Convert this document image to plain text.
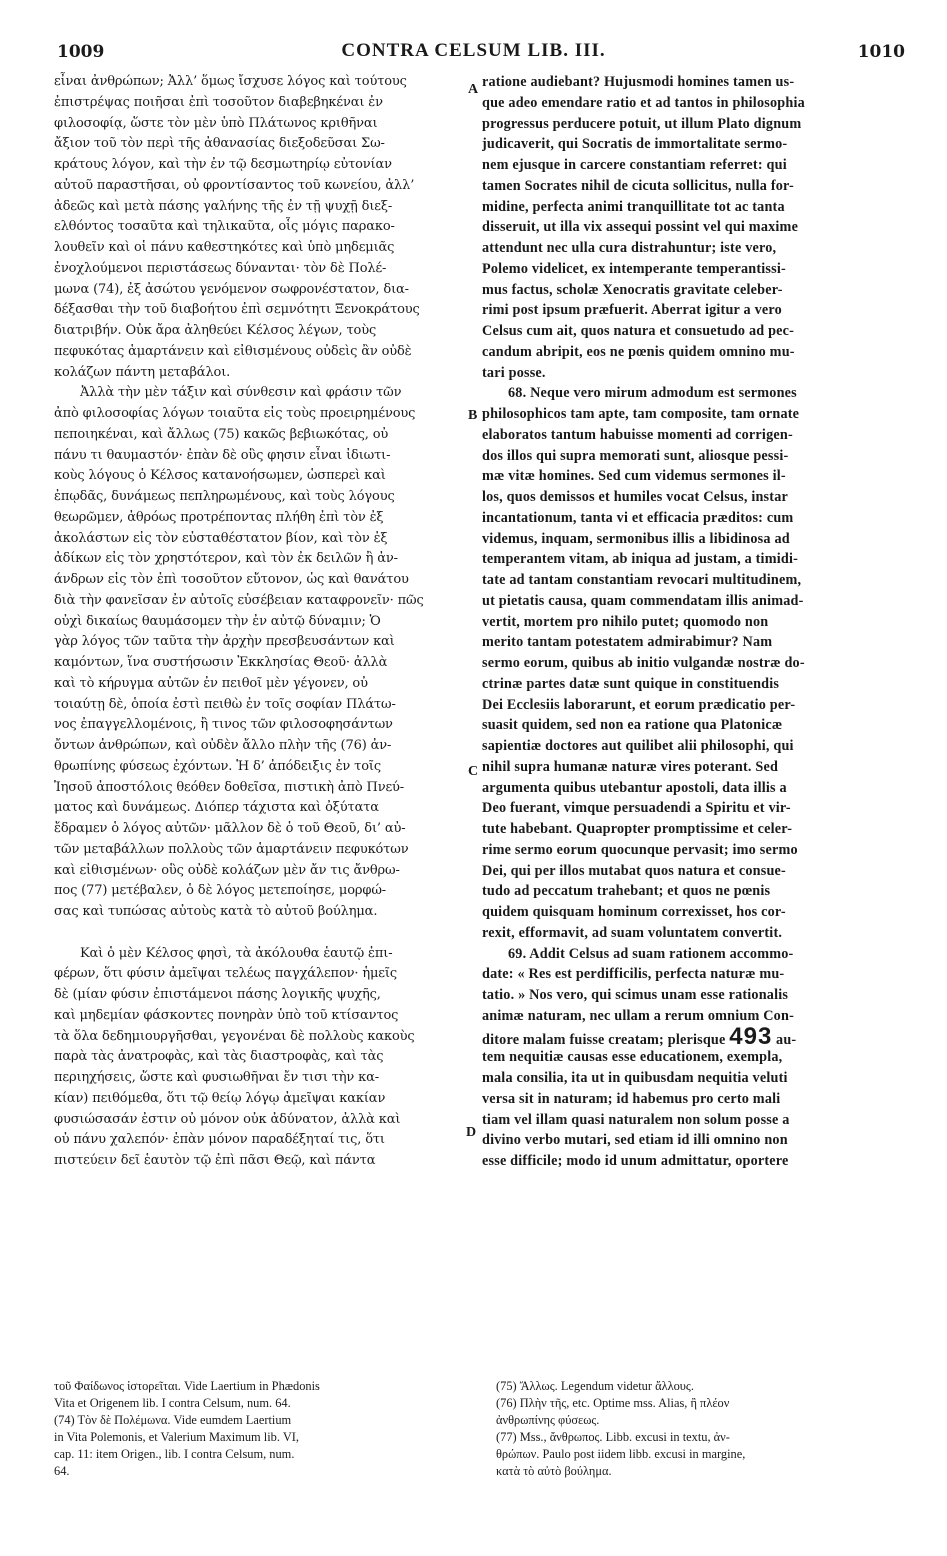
1009	CONTRA CELSUM LIB. III.	1010
εἶναι ἀνθρώπων; Ἀλλ’ ὅμως ἴσχυσε λόγος καὶ τούτους
ἐπιστρέψας ποιῆσαι ἐπὶ τοσοῦτον διαβεβηκέναι ἐν
φιλοσοφίᾳ, ὥστε τὸν μὲν ὑπὸ Πλάτωνος κριθῆναι
ἄξιον τοῦ τὸν περὶ τῆς ἀθανασίας διεξοδεῦσαι Σω-
κράτους λόγον, καὶ τὴν ἐν τῷ δεσμωτηρίῳ εὐτονίαν
αὐτοῦ παραστῆσαι, οὐ φροντίσαντος τοῦ κωνείου, ἀλλ’
ἀδεῶς καὶ μετὰ πάσης γαλήνης τῆς ἐν τῇ ψυχῇ διεξ-
ελθόντος τοσαῦτα καὶ τηλικαῦτα, οἷς μόγις παρακο-
λουθεῖν καὶ οἱ πάνυ καθεστηκότες καὶ ὑπὸ μηδεμιᾶς
ἐνοχλούμενοι περιστάσεως δύνανται· τὸν δὲ Πολέ-
μωνα (74), ἐξ ἀσώτου γενόμενον σωφρονέστατον, δια-
δέξασθαι τὴν τοῦ διαβοήτου ἐπὶ σεμνότητι Ξενοκράτους
διατριβήν. Οὐκ ἄρα ἀληθεύει Κέλσος λέγων, τοὺς
πεφυκότας ἁμαρτάνειν καὶ εἰθισμένους οὐδεὶς ἂν οὐδὲ
κολάζων πάντη μεταβάλοι.
Ἀλλὰ τὴν μὲν τάξιν καὶ σύνθεσιν καὶ φράσιν τῶν
ἀπὸ φιλοσοφίας λόγων τοιαῦτα εἰς τοὺς προειρημένους
πεποιηκέναι, καὶ ἄλλως (75) κακῶς βεβιωκότας, οὐ
πάνυ τι θαυμαστόν· ἐπὰν δὲ οὓς φησιν εἶναι ἰδιωτι-
κοὺς λόγους ὁ Κέλσος κατανοήσωμεν, ὡσπερεὶ καὶ
ἐπῳδᾶς, δυνάμεως πεπληρωμένους, καὶ τοὺς λόγους
θεωρῶμεν, ἀθρόως προτρέποντας πλήθη ἐπὶ τὸν ἐξ
ἀκολάστων εἰς τὸν εὐσταθέστατον βίον, καὶ τὸν ἐξ
ἀδίκων εἰς τὸν χρηστότερον, καὶ τὸν ἐκ δειλῶν ἢ ἀν-
άνδρων εἰς τὸν ἐπὶ τοσοῦτον εὔτονον, ὡς καὶ θανάτου
διὰ τὴν φανεῖσαν ἐν αὐτοῖς εὐσέβειαν καταφρονεῖν· πῶς
οὐχὶ δικαίως θαυμάσομεν τὴν ἐν αὐτῷ δύναμιν; Ὁ
γὰρ λόγος τῶν ταῦτα τὴν ἀρχὴν πρεσβευσάντων καὶ
καμόντων, ἵνα συστήσωσιν Ἐκκλησίας Θεοῦ· ἀλλὰ
καὶ τὸ κήρυγμα αὐτῶν ἐν πειθοῖ μὲν γέγονεν, οὐ
τοιαύτῃ δὲ, ὁποία ἐστὶ πειθὼ ἐν τοῖς σοφίαν Πλάτω-
νος ἐπαγγελλομένοις, ἢ τινος τῶν φιλοσοφησάντων
ὄντων ἀνθρώπων, καὶ οὐδὲν ἄλλο πλὴν τῆς (76) ἀν-
θρωπίνης φύσεως ἐχόντων. Ἡ δ’ ἀπόδειξις ἐν τοῖς
Ἰησοῦ ἀποστόλοις θεόθεν δοθεῖσα, πιστικὴ ἀπὸ Πνεύ-
ματος καὶ δυνάμεως. Διόπερ τάχιστα καὶ ὀξύτατα
ἔδραμεν ὁ λόγος αὐτῶν· μᾶλλον δὲ ὁ τοῦ Θεοῦ, δι’ αὐ-
τῶν μεταβάλλων πολλοὺς τῶν ἁμαρτάνειν πεφυκότων
καὶ εἰθισμένων· οὓς οὐδὲ κολάζων μὲν ἄν τις ἄνθρω-
πος (77) μετέβαλεν, ὁ δὲ λόγος μετεποίησε, μορφώ-
σας καὶ τυπώσας αὐτοὺς κατὰ τὸ αὐτοῦ βούλημα.
Καὶ ὁ μὲν Κέλσος φησὶ, τὰ ἀκόλουθα ἑαυτῷ ἐπι-
φέρων, ὅτι φύσιν ἀμεῖψαι τελέως παγχάλεπον· ἡμεῖς
δὲ (μίαν φύσιν ἐπιστάμενοι πάσης λογικῆς ψυχῆς,
καὶ μηδεμίαν φάσκοντες πονηρὰν ὑπὸ τοῦ κτίσαντος
τὰ ὅλα δεδημιουργῆσθαι, γεγονέναι δὲ πολλοὺς κακοὺς
παρὰ τὰς ἀνατροφὰς, καὶ τὰς διαστροφὰς, καὶ τὰς
περιηχήσεις, ὥστε καὶ φυσιωθῆναι ἔν τισι τὴν κα-
κίαν) πειθόμεθα, ὅτι τῷ θείῳ λόγῳ ἀμεῖψαι κακίαν
φυσιώσασάν ἐστιν οὐ μόνον οὐκ ἀδύνατον, ἀλλὰ καὶ
οὐ πάνυ χαλεπόν· ἐπὰν μόνον παραδέξηταί τις, ὅτι
πιστεύειν δεῖ ἑαυτὸν τῷ ἐπὶ πᾶσι Θεῷ, καὶ πάντα
ratione audiebant? Hujusmodi homines tamen us-
que adeo emendare ratio et ad tantos in philosophia
progressus perducere potuit, ut illum Plato dignum
judicaverit, qui Socratis de immortalitate sermo-
nem ejusque in carcere constantiam referret: qui
tamen Socrates nihil de cicuta sollicitus, nulla for-
midine, perfecta animi tranquillitate tot ac tanta
disseruit, ut illa vix assequi possint vel qui maxime
attendunt nec ulla cura distrahuntur; iste vero,
Polemo videlicet, ex intemperante temperantissi-
mus factus, scholæ Xenocratis gravitate celeber-
rimi post ipsum præfuerit. Aberrat igitur a vero
Celsus cum ait, quos natura et consuetudo ad pec-
candum abripit, eos ne pœnis quidem omnino mu-
tari posse.
68. Neque vero mirum admodum est sermones
philosophicos tam apte, tam composite, tam ornate
elaboratos tantum habuisse momenti ad corrigen-
dos illos qui supra memorati sunt, aliosque pessi-
mæ vitæ homines. Sed cum videmus sermones il-
los, quos demissos et humiles vocat Celsus, instar
incantationum, tanta vi et efficacia præditos: cum
videmus, inquam, sermonibus illis a libidinosa ad
temperantem vitam, ab iniqua ad justam, a timidi-
tate ad tantam constantiam revocari multitudinem,
ut pietatis causa, quam commendatam illis animad-
vertit, mortem pro nihilo putet; quomodo non
merito tantam potestatem admirabimur? Nam
sermo eorum, quibus ab initio vulgandæ nostræ do-
ctrinæ partes datæ sunt quique in constituendis
Dei Ecclesiis laborarunt, et eorum prædicatio per-
suasit quidem, sed non ea ratione qua Platonicæ
sapientiæ doctores aut quilibet alii philosophi, qui
nihil supra humanæ naturæ vires poterant. Sed
argumenta quibus utebantur apostoli, data illis a
Deo fuerant, vimque persuadendi a Spiritu et vir-
tute habebant. Quapropter promptissime et celer-
rime sermo eorum quocunque pervasit; imo sermo
Dei, qui per illos mutabat quos natura et consue-
tudo ad peccatum trahebant; et quos ne pœnis
quidem quisquam hominum correxisset, hos cor-
rexit, efformavit, ad suam voluntatem convertit.
69. Addit Celsus ad suam rationem accommo-
date: « Res est perdifficilis, perfecta naturæ mu-
tatio. » Nos vero, qui scimus unam esse rationalis
animæ naturam, nec ullam a rerum omnium Con-
ditore malam fuisse creatam; plerisque 493 au-
tem nequitiæ causas esse educationem, exempla,
mala consilia, ita ut in quibusdam nequitia veluti
versa sit in naturam; id habemus pro certo mali
tiam vel illam quasi naturalem non solum posse a
divino verbo mutari, sed etiam id illi omnino non
esse difficile; modo id unum admittatur, oportere
A
B
C
D
τοῦ Φαίδωνος ἱστορεῖται. Vide Laertium in Phædonis
Vita et Origenem lib. I contra Celsum, num. 64.
(74) Τὸν δὲ Πολέμωνα. Vide eumdem Laertium
in Vita Polemonis, et Valerium Maximum lib. VI,
cap. 11: item Origen., lib. I contra Celsum, num.
64.
(75) Ἄλλως. Legendum videtur ἄλλους.
(76) Πλὴν τῆς, etc. Optime mss. Alias, ἢ πλέον
ἀνθρωπίνης φύσεως.
(77) Mss., ἄνθρωπος. Libb. excusi in textu, ἀν-
θρώπων. Paulo post iidem libb. excusi in margine,
κατὰ τὸ αὐτὸ βούλημα.
